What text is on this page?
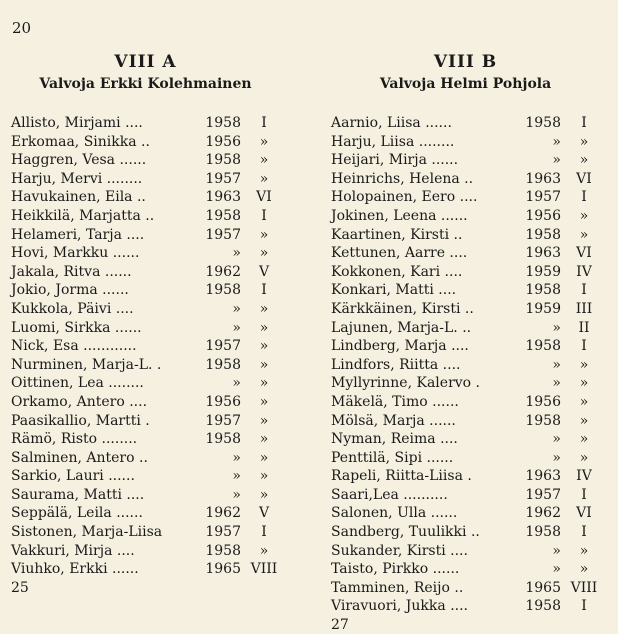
20
VIII A
Valvoja Erkki Kolehmainen
Allisto, Mirjami ....	1958	I
Erkomaa, Sinikka ..	1956	»
Haggren, Vesa ......	1958	»
Harju, Mervi ........	1957	»
Havukainen, Eila ..	1963	VI
Heikkilä, Marjatta ..	1958	I
Helameri, Tarja ....	1957	»
Hovi, Markku ......	»	»
Jakala, Ritva ......	1962	V
Jokio, Jorma ......	1958	I
Kukkola, Päivi ....	»	»
Luomi, Sirkka ......	»	»
Nick, Esa ............	1957	»
Nurminen, Marja-L. .	1958	»
Oittinen, Lea ........	»	»
Orkamo, Antero ....	1956	»
Paasikallio, Martti .	1957	»
Rämö, Risto ........	1958	»
Salminen, Antero ..	»	»
Sarkio, Lauri ......	»	»
Saurama, Matti ....	»	»
Seppälä, Leila ......	1962	V
Sistonen, Marja-Liisa	1957	I
Vakkuri, Mirja ....	1958	»
Viuhko, Erkki ......	1965 VIII
25
VIII B
Valvoja Helmi Pohjola
Aarnio, Liisa ......	1958	I
Harju, Liisa ........	»	»
Heijari, Mirja ......	»	»
Heinrichs, Helena ..	1963	VI
Holopainen, Eero ....	1957	I
Jokinen, Leena ......	1956	»
Kaartinen, Kirsti ..	1958	»
Kettunen, Aarre ....	1963	VI
Kokkonen, Kari ....	1959	IV
Konkari, Matti ....	1958	I
Kärkkäinen, Kirsti ..	1959	III
Lajunen, Marja-L. ..	»	II
Lindberg, Marja ....	1958	I
Lindfors, Riitta ....	»	»
Myllyrinne, Kalervo .	»	»
Mäkelä, Timo ......	1956	»
Mölsä, Marja ......	1958	»
Nyman, Reima ....	»	»
Penttilä, Sipi ......	»	»
Rapeli, Riitta-Liisa .	1963	IV
Saari,Lea ..........	1957	I
Salonen, Ulla ......	1962	VI
Sandberg, Tuulikki ..	1958	I
Sukander, Kirsti ....	»	»
Taisto, Pirkko ......	»	»
Tamminen, Reijo ..	1965 VIII
Viravuori, Jukka ....	1958	I
27
